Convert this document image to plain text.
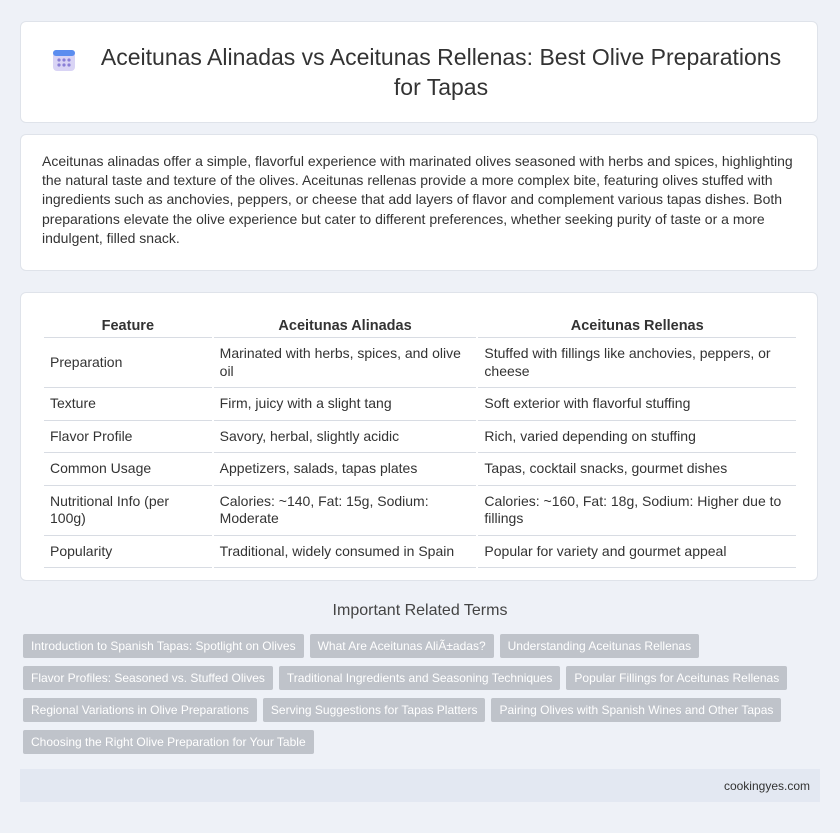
Aceitunas Alinadas vs Aceitunas Rellenas: Best Olive Preparations for Tapas

Aceitunas alinadas offer a simple, flavorful experience with marinated olives seasoned with herbs and spices, highlighting the natural taste and texture of the olives. Aceitunas rellenas provide a more complex bite, featuring olives stuffed with ingredients such as anchovies, peppers, or cheese that add layers of flavor and complement various tapas dishes. Both preparations elevate the olive experience but cater to different preferences, whether seeking purity of taste or a more indulgent, filled snack.

Feature	Aceitunas Alinadas	Aceitunas Rellenas
Preparation	Marinated with herbs, spices, and olive oil	Stuffed with fillings like anchovies, peppers, or cheese
Texture	Firm, juicy with a slight tang	Soft exterior with flavorful stuffing
Flavor Profile	Savory, herbal, slightly acidic	Rich, varied depending on stuffing
Common Usage	Appetizers, salads, tapas plates	Tapas, cocktail snacks, gourmet dishes
Nutritional Info (per 100g)	Calories: ~140, Fat: 15g, Sodium: Moderate	Calories: ~160, Fat: 18g, Sodium: Higher due to fillings
Popularity	Traditional, widely consumed in Spain	Popular for variety and gourmet appeal
Important Related Terms
Introduction to Spanish Tapas: Spotlight on Olives	What Are Aceitunas AliÃ±adas?	Understanding Aceitunas Rellenas
Flavor Profiles: Seasoned vs. Stuffed Olives	Traditional Ingredients and Seasoning Techniques	Popular Fillings for Aceitunas Rellenas
Regional Variations in Olive Preparations	Serving Suggestions for Tapas Platters	Pairing Olives with Spanish Wines and Other Tapas
Choosing the Right Olive Preparation for Your Table
cookingyes.com
